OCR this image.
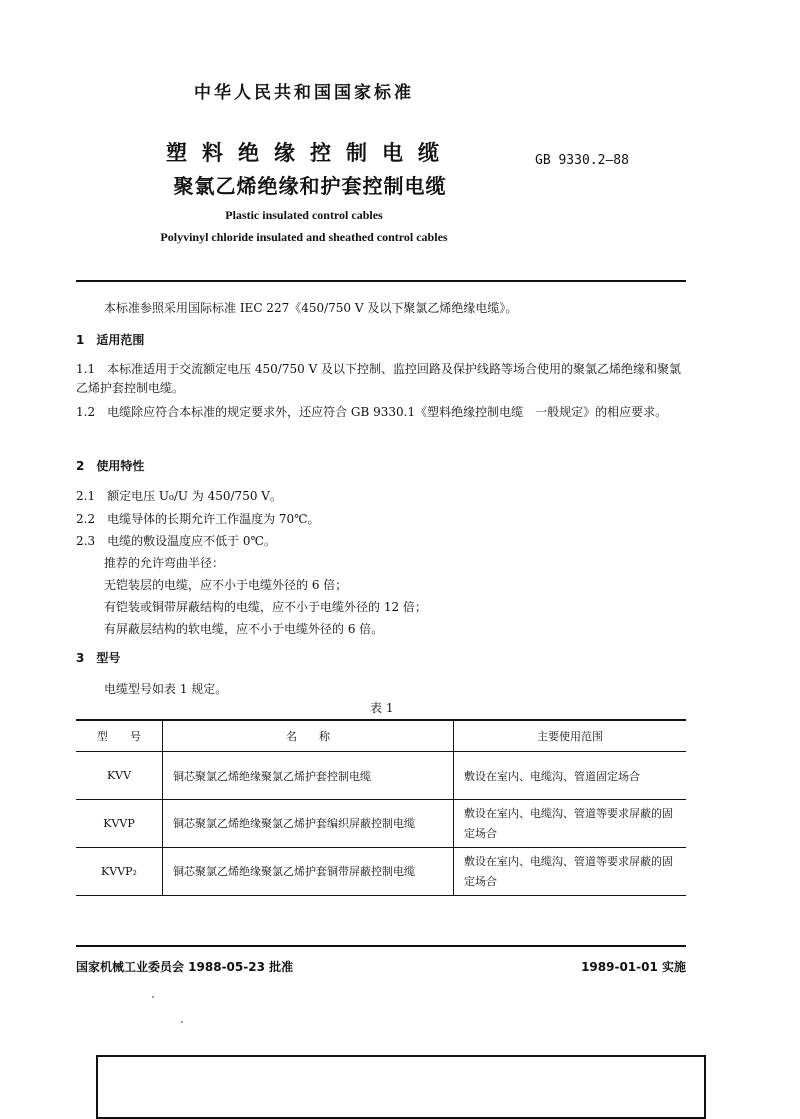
中华人民共和国国家标准
塑料绝缘控制电缆
聚氯乙烯绝缘和护套控制电缆
GB 9330.2—88
Plastic insulated control cables
Polyvinyl chloride insulated and sheathed control cables
本标准参照采用国际标准 IEC 227《450/750 V 及以下聚氯乙烯绝缘电缆》。
1　适用范围
1.1　本标准适用于交流额定电压 450/750 V 及以下控制、监控回路及保护线路等场合使用的聚氯乙烯绝缘和聚氯乙烯护套控制电缆。
1.2　电缆除应符合本标准的规定要求外，还应符合 GB 9330.1《塑料绝缘控制电缆　一般规定》的相应要求。
2　使用特性
2.1　额定电压 U₀/U 为 450/750 V。
2.2　电缆导体的长期允许工作温度为 70℃。
2.3　电缆的敷设温度应不低于 0℃。
推荐的允许弯曲半径：
无铠装层的电缆，应不小于电缆外径的 6 倍；
有铠装或铜带屏蔽结构的电缆，应不小于电缆外径的 12 倍；
有屏蔽层结构的软电缆，应不小于电缆外径的 6 倍。
3　型号
电缆型号如表 1 规定。
表 1
型　　号	名　　称	主要使用范围
KVV	铜芯聚氯乙烯绝缘聚氯乙烯护套控制电缆	敷设在室内、电缆沟、管道固定场合
KVVP	铜芯聚氯乙烯绝缘聚氯乙烯护套编织屏蔽控制电缆	敷设在室内、电缆沟、管道等要求屏蔽的固定场合
KVVP₂	铜芯聚氯乙烯绝缘聚氯乙烯护套铜带屏蔽控制电缆	敷设在室内、电缆沟、管道等要求屏蔽的固定场合
国家机械工业委员会 1988-05-23 批准	1989-01-01 实施
